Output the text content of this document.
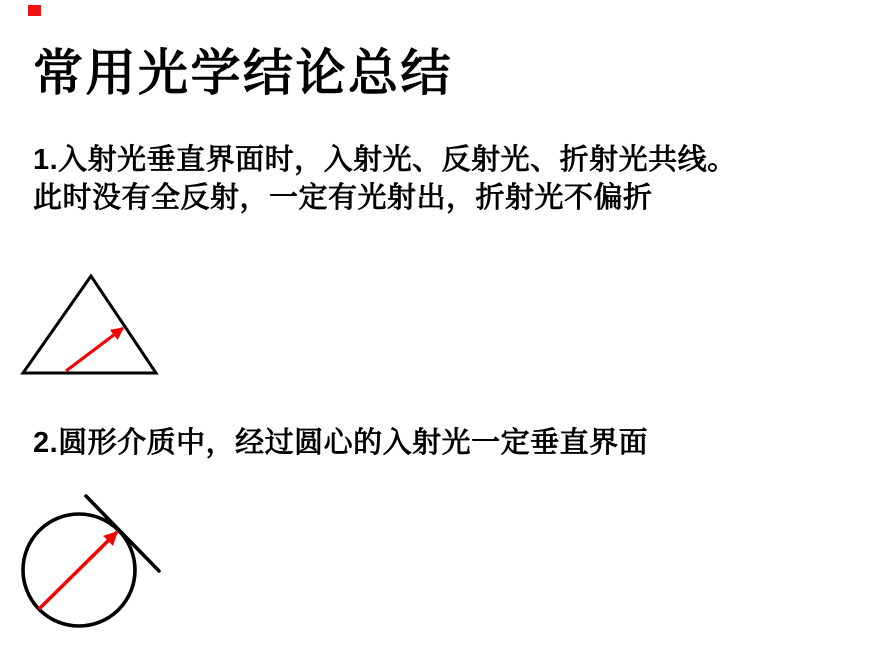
常用光学结论总结
1.入射光垂直界面时，入射光、反射光、折射光共线。
此时没有全反射，一定有光射出，折射光不偏折
2.圆形介质中，经过圆心的入射光一定垂直界面
